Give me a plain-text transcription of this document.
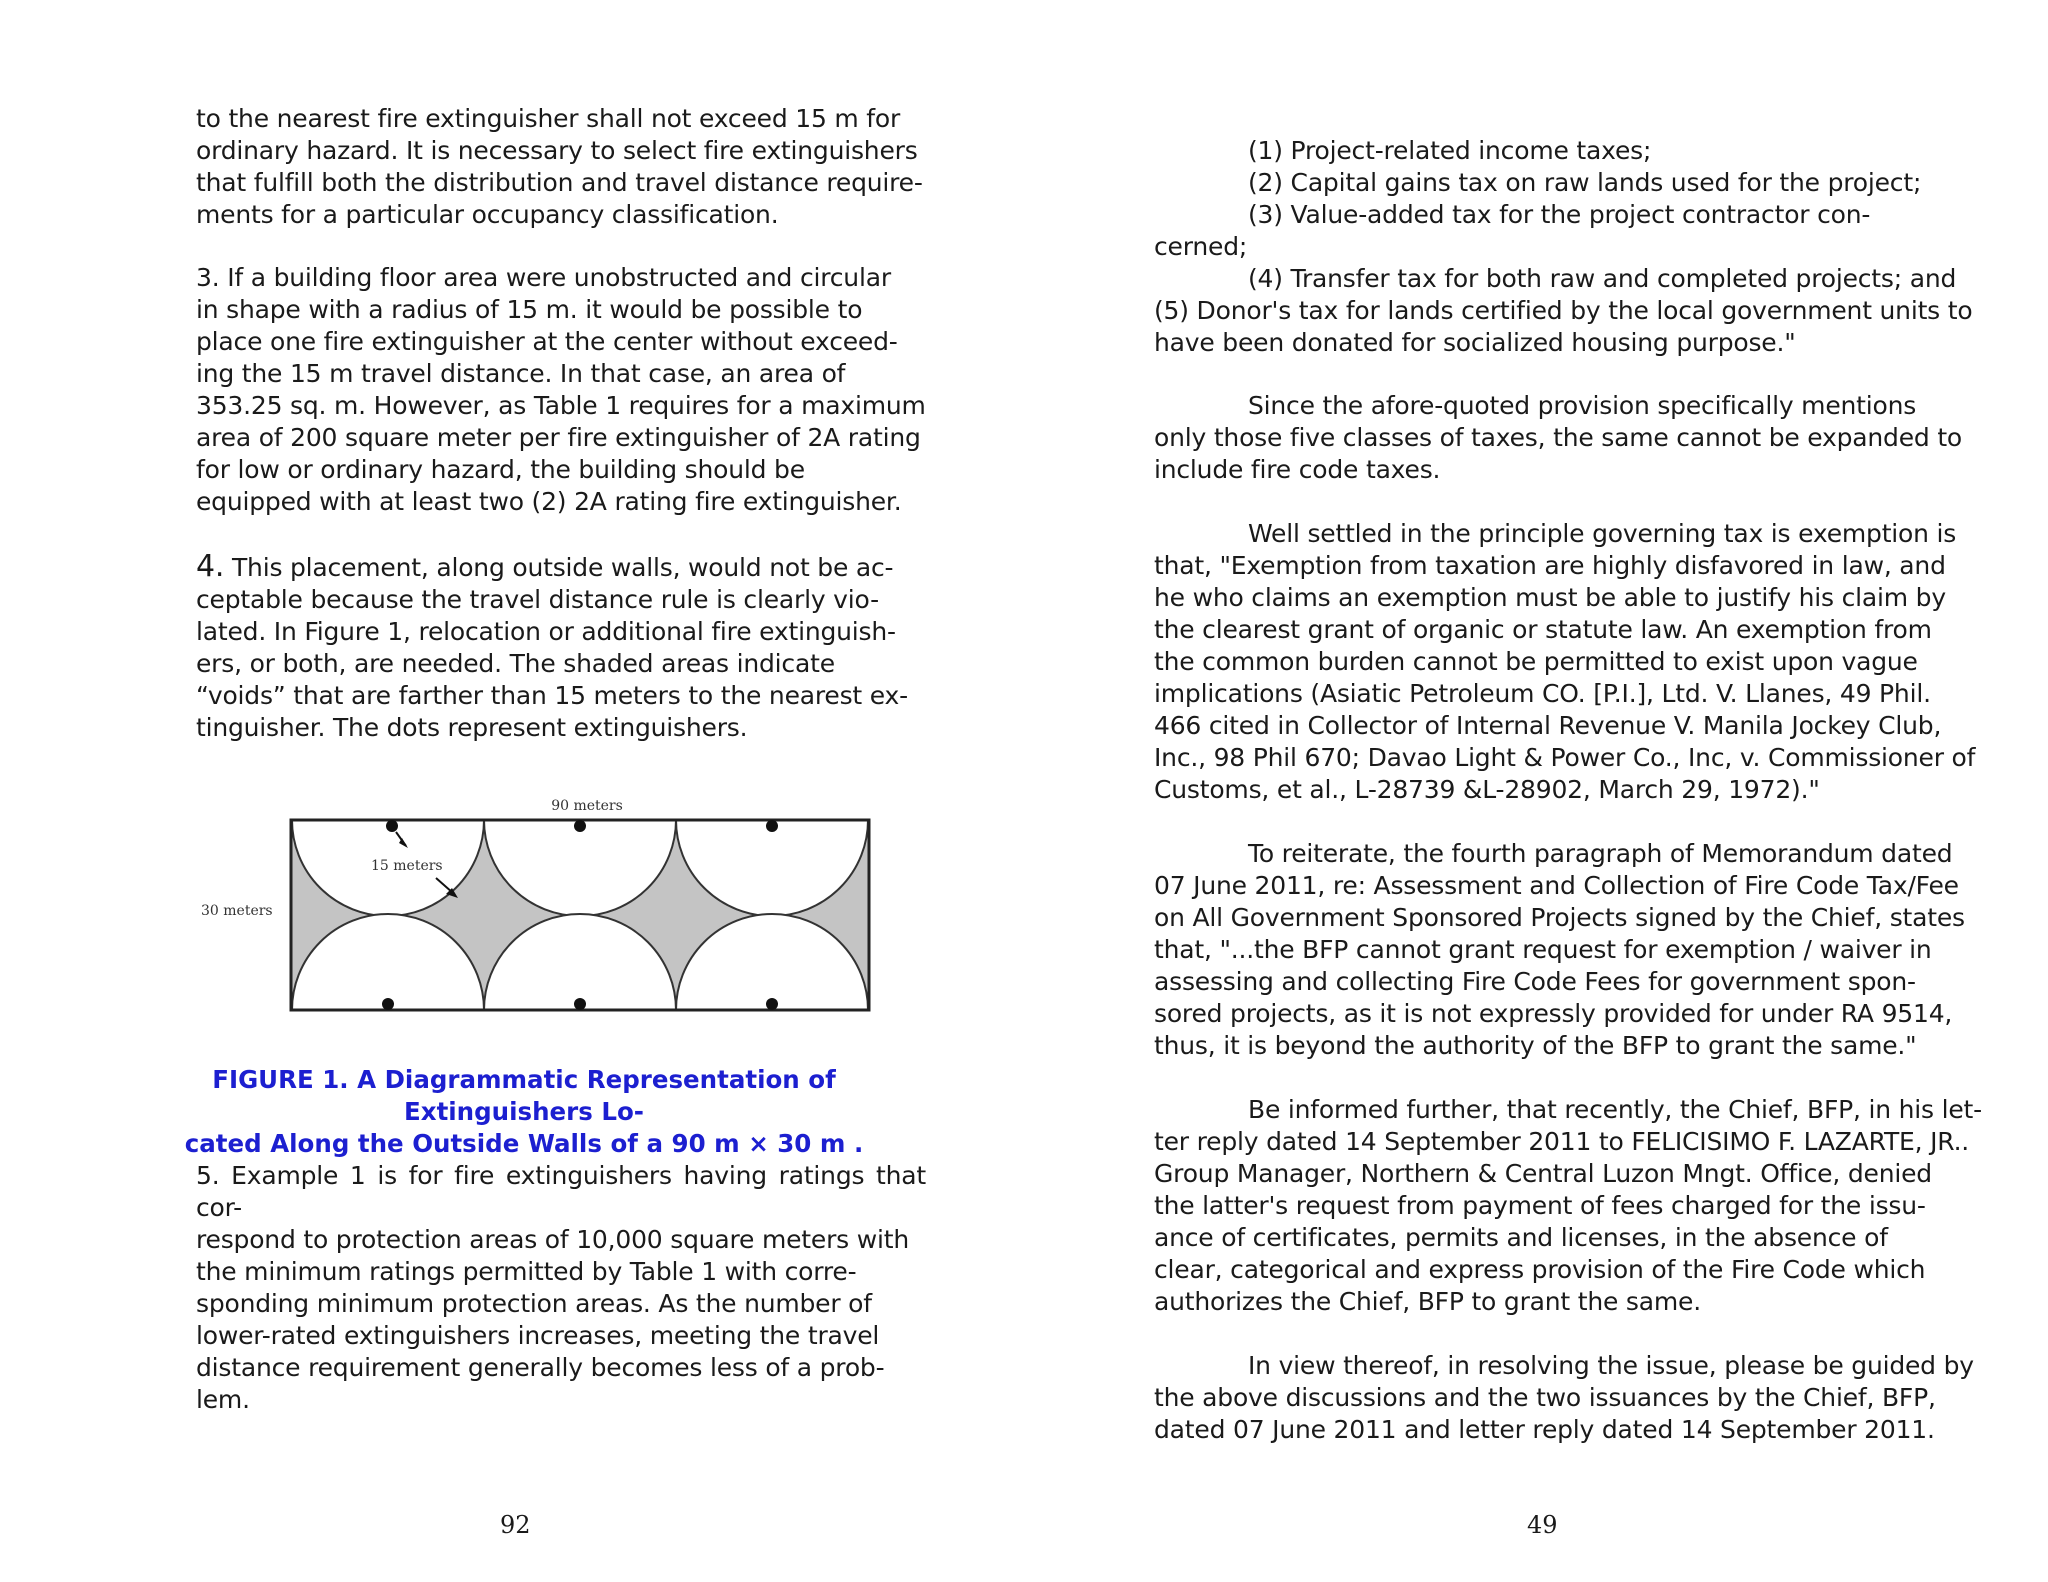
to the nearest fire extinguisher shall not exceed 15 m for
ordinary hazard. It is necessary to select fire extinguishers
that fulfill both the distribution and travel distance require-
ments for a particular occupancy classification.

3. If a building floor area were unobstructed and circular
in shape with a radius of 15 m. it would be possible to
place one fire extinguisher at the center without exceed-
ing the 15 m travel distance. In that case, an area of
353.25 sq. m. However, as Table 1 requires for a maximum
area of 200 square meter per fire extinguisher of 2A rating
for low or ordinary hazard, the building should be
equipped with at least two (2) 2A rating fire extinguisher.

4. This placement, along outside walls, would not be ac-
ceptable because the travel distance rule is clearly vio-
lated. In Figure 1, relocation or additional fire extinguish-
ers, or both, are needed. The shaded areas indicate
“voids” that are farther than 15 meters to the nearest ex-
tinguisher. The dots represent extinguishers.

90 meters
30 meters
15 meters
FIGURE 1. A Diagrammatic Representation of Extinguishers Lo-
cated Along the Outside Walls of a 90 m × 30 m .

5. Example 1 is for fire extinguishers having ratings that cor-
respond to protection areas of 10,000 square meters with
the minimum ratings permitted by Table 1 with corre-
sponding minimum protection areas. As the number of
lower-rated extinguishers increases, meeting the travel
distance requirement generally becomes less of a prob-
lem.

92

(1) Project-related income taxes;
(2) Capital gains tax on raw lands used for the project;
(3) Value-added tax for the project contractor con-
cerned;
(4) Transfer tax for both raw and completed projects; and
(5) Donor's tax for lands certified by the local government units to
have been donated for socialized housing purpose."

Since the afore-quoted provision specifically mentions
only those five classes of taxes, the same cannot be expanded to
include fire code taxes.

Well settled in the principle governing tax is exemption is
that, "Exemption from taxation are highly disfavored in law, and
he who claims an exemption must be able to justify his claim by
the clearest grant of organic or statute law. An exemption from
the common burden cannot be permitted to exist upon vague
implications (Asiatic Petroleum CO. [P.I.], Ltd. V. Llanes, 49 Phil.
466 cited in Collector of Internal Revenue V. Manila Jockey Club,
Inc., 98 Phil 670; Davao Light & Power Co., Inc, v. Commissioner of
Customs, et al., L-28739 &L-28902, March 29, 1972)."

To reiterate, the fourth paragraph of Memorandum dated
07 June 2011, re: Assessment and Collection of Fire Code Tax/Fee
on All Government Sponsored Projects signed by the Chief, states
that, "...the BFP cannot grant request for exemption / waiver in
assessing and collecting Fire Code Fees for government spon-
sored projects, as it is not expressly provided for under RA 9514,
thus, it is beyond the authority of the BFP to grant the same."

Be informed further, that recently, the Chief, BFP, in his let-
ter reply dated 14 September 2011 to FELICISIMO F. LAZARTE, JR..
Group Manager, Northern & Central Luzon Mngt. Office, denied
the latter's request from payment of fees charged for the issu-
ance of certificates, permits and licenses, in the absence of
clear, categorical and express provision of the Fire Code which
authorizes the Chief, BFP to grant the same.

In view thereof, in resolving the issue, please be guided by
the above discussions and the two issuances by the Chief, BFP,
dated 07 June 2011 and letter reply dated 14 September 2011.

49
